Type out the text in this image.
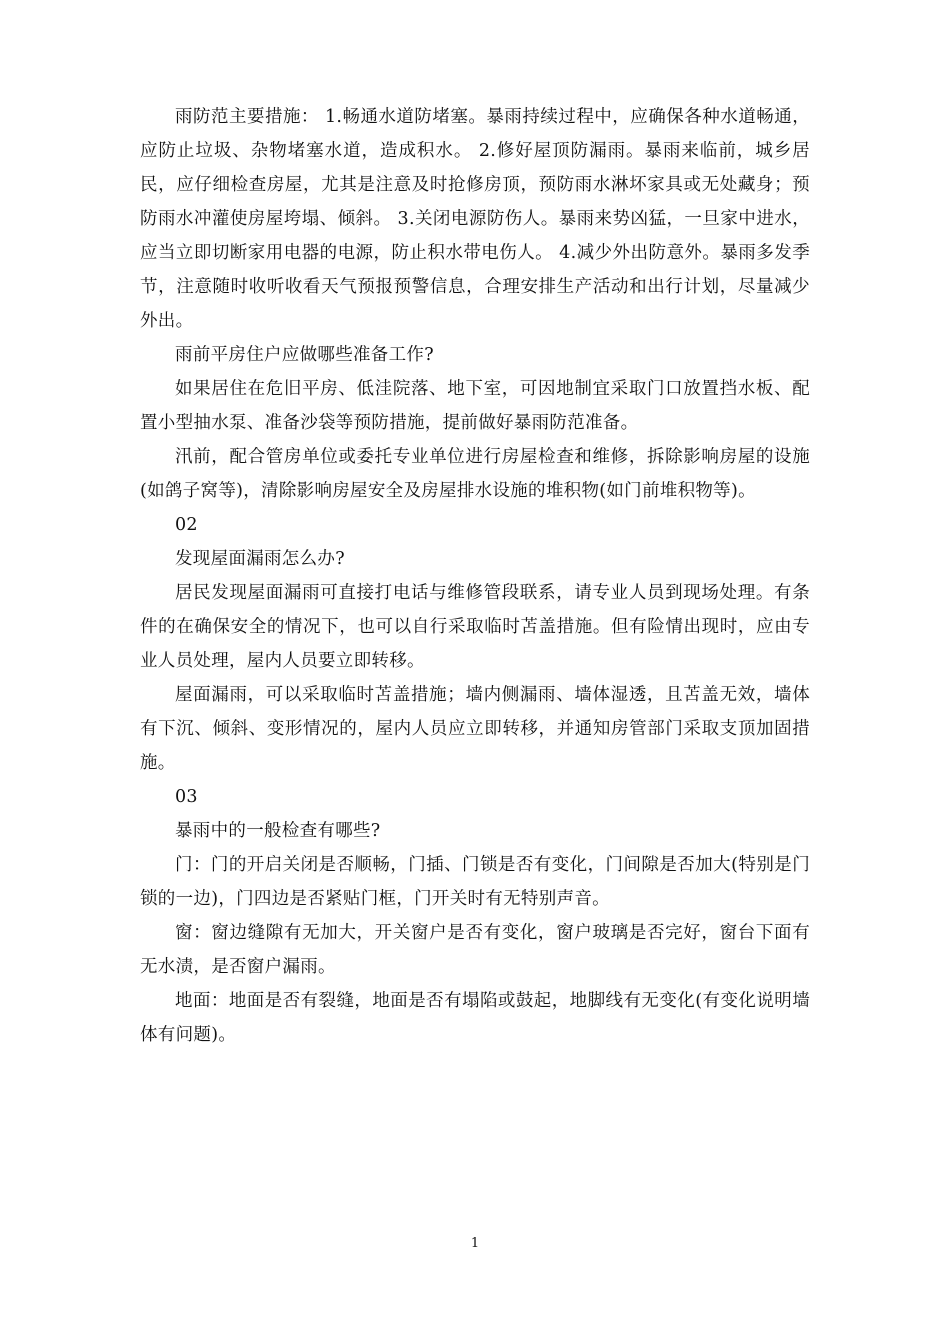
雨防范主要措施： 1.畅通水道防堵塞。暴雨持续过程中，应确保各种水道畅通，应防止垃圾、杂物堵塞水道，造成积水。 2.修好屋顶防漏雨。暴雨来临前，城乡居民，应仔细检查房屋，尤其是注意及时抢修房顶，预防雨水淋坏家具或无处藏身；预防雨水冲灌使房屋垮塌、倾斜。 3.关闭电源防伤人。暴雨来势凶猛，一旦家中进水，应当立即切断家用电器的电源，防止积水带电伤人。 4.减少外出防意外。暴雨多发季节，注意随时收听收看天气预报预警信息，合理安排生产活动和出行计划，尽量减少外出。

雨前平房住户应做哪些准备工作?

如果居住在危旧平房、低洼院落、地下室，可因地制宜采取门口放置挡水板、配置小型抽水泵、准备沙袋等预防措施，提前做好暴雨防范准备。

汛前，配合管房单位或委托专业单位进行房屋检查和维修，拆除影响房屋的设施(如鸽子窝等)，清除影响房屋安全及房屋排水设施的堆积物(如门前堆积物等)。

02

发现屋面漏雨怎么办?

居民发现屋面漏雨可直接打电话与维修管段联系，请专业人员到现场处理。有条件的在确保安全的情况下，也可以自行采取临时苫盖措施。但有险情出现时，应由专业人员处理，屋内人员要立即转移。

屋面漏雨，可以采取临时苫盖措施；墙内侧漏雨、墙体湿透，且苫盖无效，墙体有下沉、倾斜、变形情况的，屋内人员应立即转移，并通知房管部门采取支顶加固措施。

03

暴雨中的一般检查有哪些?

门：门的开启关闭是否顺畅，门插、门锁是否有变化，门间隙是否加大(特别是门锁的一边)，门四边是否紧贴门框，门开关时有无特别声音。

窗：窗边缝隙有无加大，开关窗户是否有变化，窗户玻璃是否完好，窗台下面有无水渍，是否窗户漏雨。

地面：地面是否有裂缝，地面是否有塌陷或鼓起，地脚线有无变化(有变化说明墙体有问题)。

1
